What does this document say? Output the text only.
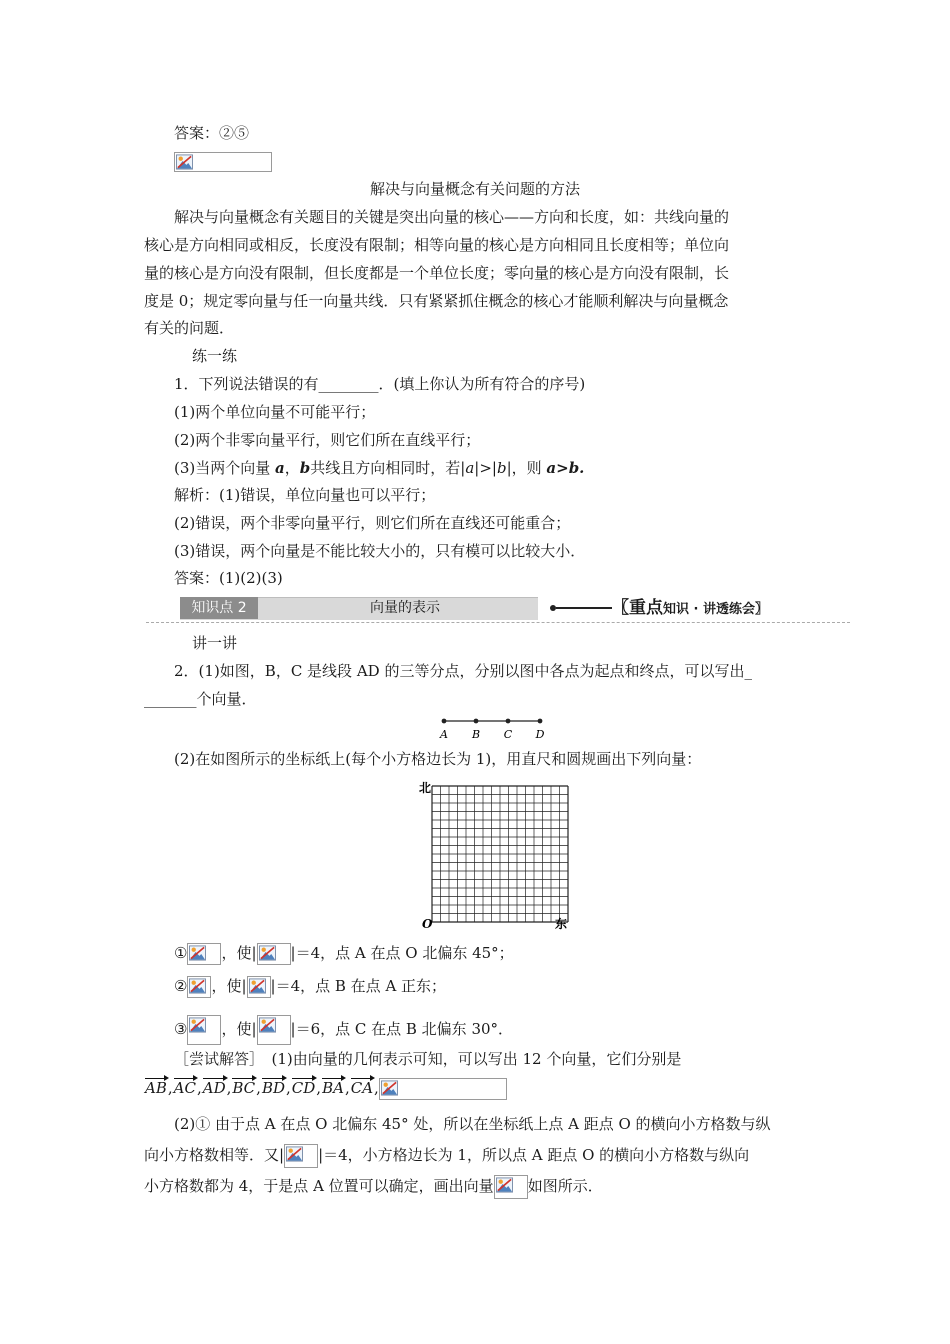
答案：②⑤
解决与向量概念有关问题的方法
解决与向量概念有关题目的关键是突出向量的核心——方向和长度，如：共线向量的
核心是方向相同或相反，长度没有限制；相等向量的核心是方向相同且长度相等；单位向
量的核心是方向没有限制，但长度都是一个单位长度；零向量的核心是方向没有限制，长
度是 0；规定零向量与任一向量共线．只有紧紧抓住概念的核心才能顺利解决与向量概念
有关的问题．
练一练
1．下列说法错误的有________．(填上你认为所有符合的序号)
(1)两个单位向量不可能平行；
(2)两个非零向量平行，则它们所在直线平行；
(3)当两个向量 a，b共线且方向相同时，若|a|>|b|，则 a>b.
解析：(1)错误，单位向量也可以平行；
(2)错误，两个非零向量平行，则它们所在直线还可能重合；
(3)错误，两个向量是不能比较大小的，只有模可以比较大小．
答案：(1)(2)(3)
知识点 2	向量的表示	〖重点知识 · 讲透练会〗
讲一讲
2．(1)如图，B，C 是线段 AD 的三等分点，分别以图中各点为起点和终点，可以写出_
_______个向量．
A B C D
(2)在如图所示的坐标纸上(每个小方格边长为 1)，用直尺和圆规画出下列向量：
北
O	东
① ，使| |＝4，点 A 在点 O 北偏东 45°；
② ，使| |＝4，点 B 在点 A 正东；
③ ，使| |＝6，点 C 在点 B 北偏东 30°．
［尝试解答］　(1)由向量的几何表示可知，可以写出 12 个向量，它们分别是
AB,AC,AD,BC,BD,CD,BA,CA,
(2)① 由于点 A 在点 O 北偏东 45° 处，所以在坐标纸上点 A 距点 O 的横向小方格数与纵
向小方格数相等．又| |＝4，小方格边长为 1，所以点 A 距点 O 的横向小方格数与纵向
小方格数都为 4，于是点 A 位置可以确定，画出向量 如图所示．
